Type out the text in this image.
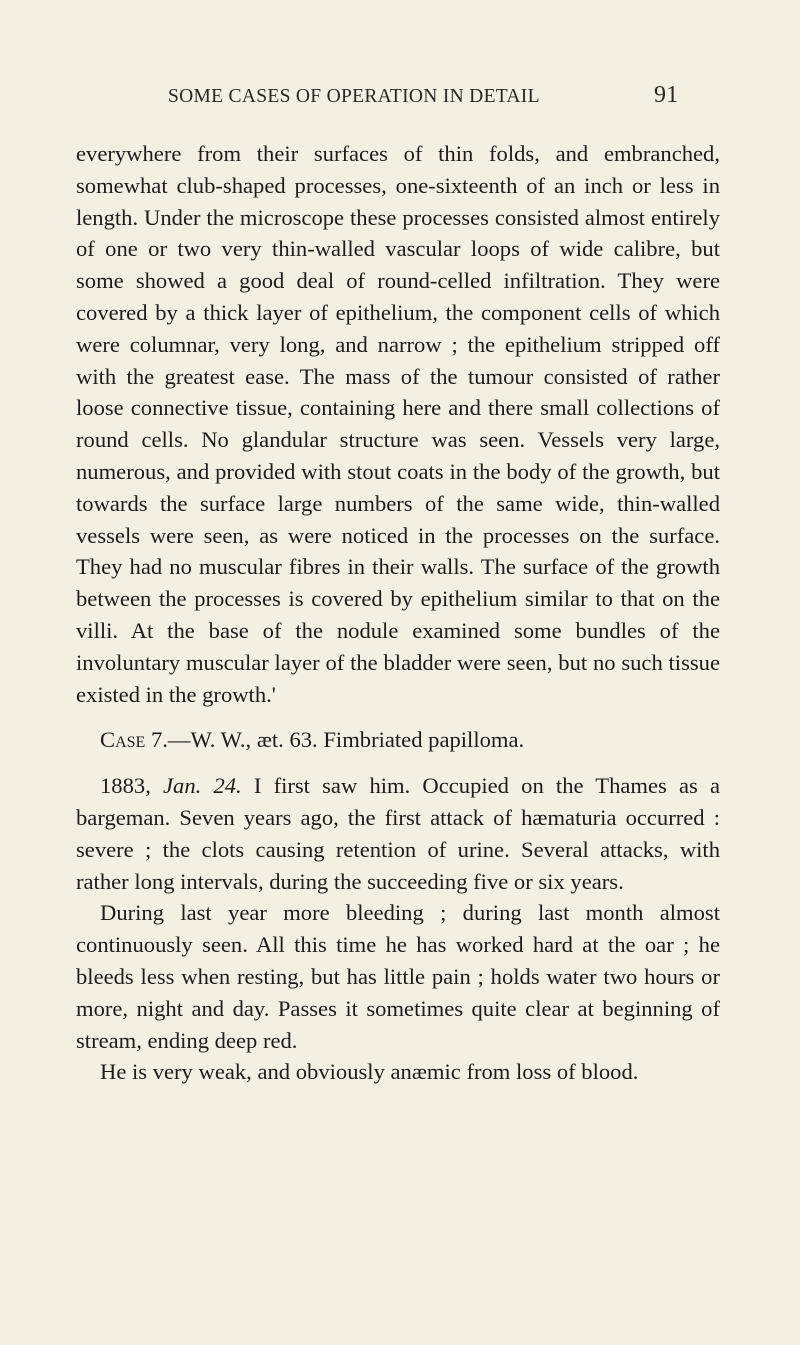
SOME CASES OF OPERATION IN DETAIL	91

everywhere from their surfaces of thin folds, and embranched, somewhat club-shaped processes, one-sixteenth of an inch or less in length. Under the microscope these processes consisted almost entirely of one or two very thin-walled vascular loops of wide calibre, but some showed a good deal of round-celled infiltration. They were covered by a thick layer of epithelium, the component cells of which were columnar, very long, and narrow ; the epithelium stripped off with the greatest ease. The mass of the tumour consisted of rather loose connective tissue, containing here and there small collections of round cells. No glandular structure was seen. Vessels very large, numerous, and provided with stout coats in the body of the growth, but towards the surface large numbers of the same wide, thin-walled vessels were seen, as were noticed in the processes on the surface. They had no muscular fibres in their walls. The surface of the growth between the processes is covered by epithelium similar to that on the villi. At the base of the nodule examined some bundles of the involuntary muscular layer of the bladder were seen, but no such tissue existed in the growth.'

Case 7.—W. W., æt. 63. Fimbriated papilloma.

1883, Jan. 24. I first saw him. Occupied on the Thames as a bargeman. Seven years ago, the first attack of hæmaturia occurred : severe ; the clots causing retention of urine. Several attacks, with rather long intervals, during the succeeding five or six years.

During last year more bleeding ; during last month almost continuously seen. All this time he has worked hard at the oar ; he bleeds less when resting, but has little pain ; holds water two hours or more, night and day. Passes it sometimes quite clear at beginning of stream, ending deep red.

He is very weak, and obviously anæmic from loss of blood.
